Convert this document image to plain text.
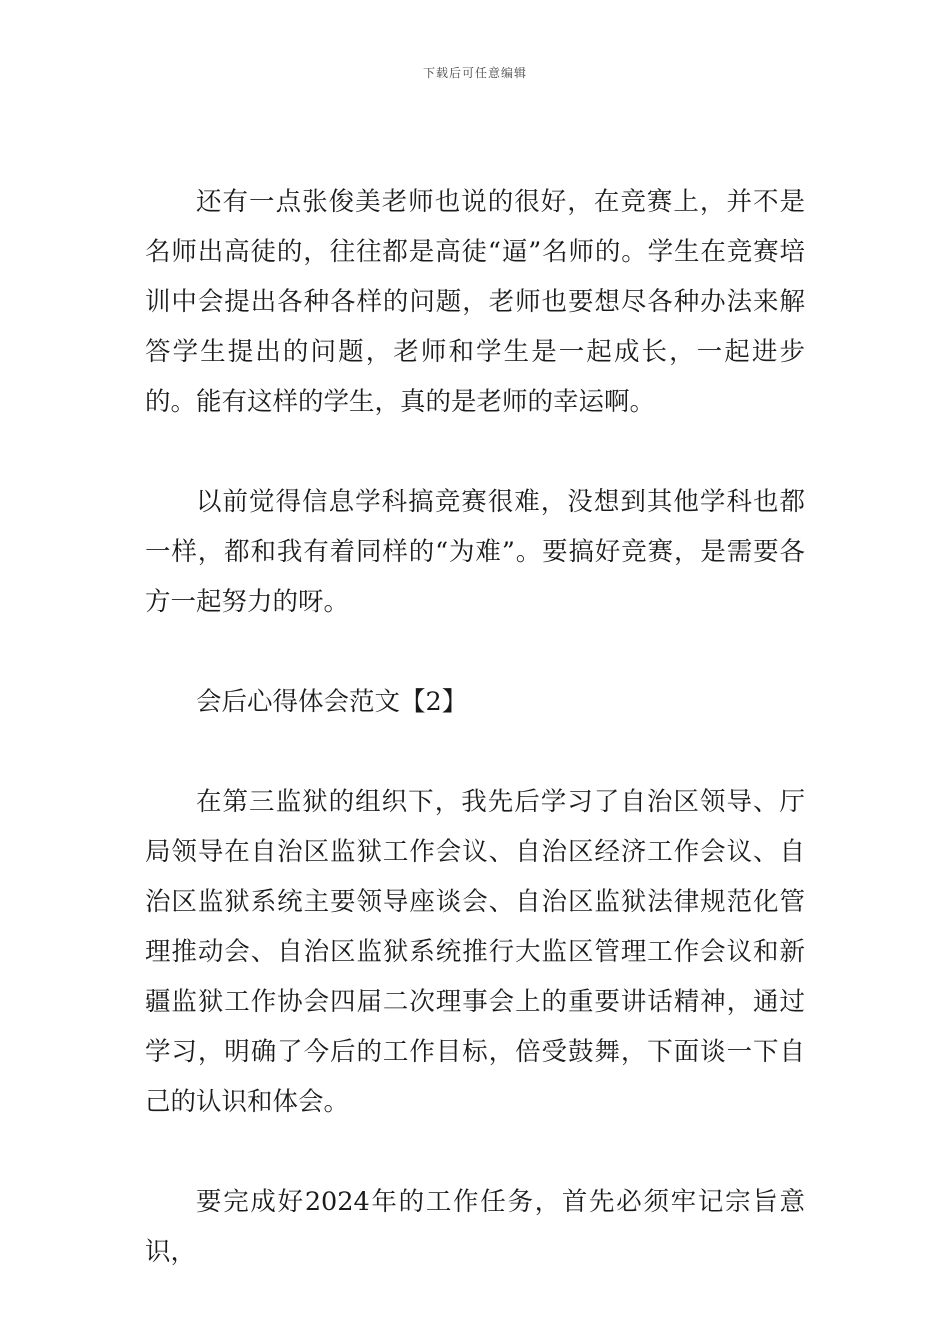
下载后可任意编辑

还有一点张俊美老师也说的很好，在竞赛上，并不是名师出高徒的，往往都是高徒“逼”名师的。学生在竞赛培训中会提出各种各样的问题，老师也要想尽各种办法来解答学生提出的问题，老师和学生是一起成长，一起进步的。能有这样的学生，真的是老师的幸运啊。

以前觉得信息学科搞竞赛很难，没想到其他学科也都一样，都和我有着同样的“为难”。要搞好竞赛，是需要各方一起努力的呀。

会后心得体会范文【2】

在第三监狱的组织下，我先后学习了自治区领导、厅局领导在自治区监狱工作会议、自治区经济工作会议、自治区监狱系统主要领导座谈会、自治区监狱法律规范化管理推动会、自治区监狱系统推行大监区管理工作会议和新疆监狱工作协会四届二次理事会上的重要讲话精神，通过学习，明确了今后的工作目标，倍受鼓舞，下面谈一下自己的认识和体会。

要完成好2024年的工作任务，首先必须牢记宗旨意识，
